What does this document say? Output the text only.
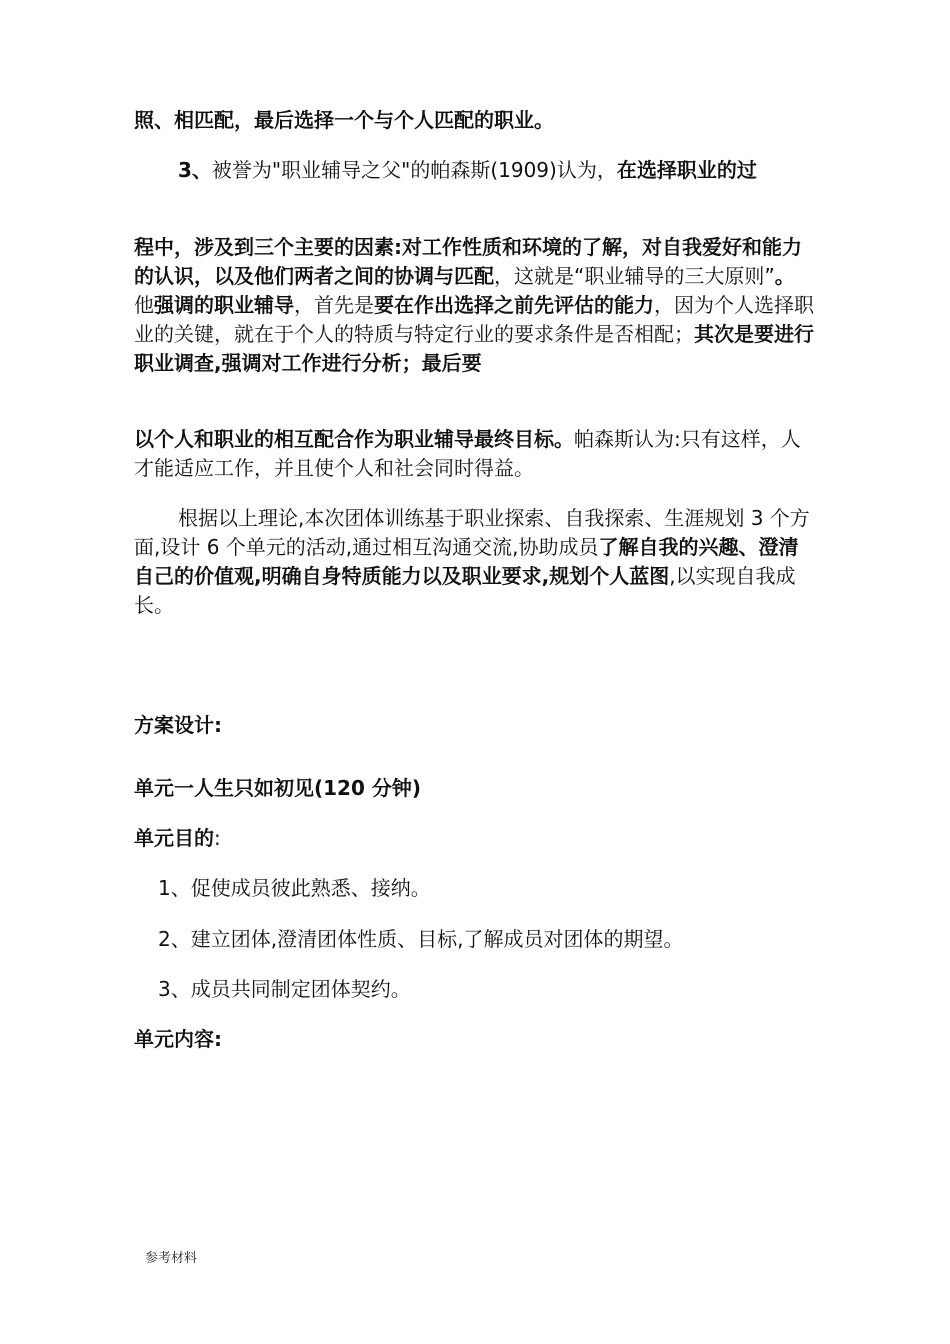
照、相匹配，最后选择一个与个人匹配的职业。
3、被誉为"职业辅导之父"的帕森斯(1909)认为，在选择职业的过
程中，涉及到三个主要的因素:对工作性质和环境的了解，对自我爱好和能力的认识，以及他们两者之间的协调与匹配，这就是“职业辅导的三大原则”。他强调的职业辅导，首先是要在作出选择之前先评估的能力，因为个人选择职业的关键，就在于个人的特质与特定行业的要求条件是否相配；其次是要进行职业调查,强调对工作进行分析；最后要
以个人和职业的相互配合作为职业辅导最终目标。帕森斯认为:只有这样，人才能适应工作，并且使个人和社会同时得益。
根据以上理论,本次团体训练基于职业探索、自我探索、生涯规划 3 个方面,设计 6 个单元的活动,通过相互沟通交流,协助成员了解自我的兴趣、澄清自己的价值观,明确自身特质能力以及职业要求,规划个人蓝图,以实现自我成长。
方案设计:
单元一人生只如初见(120 分钟)
单元目的:
1、促使成员彼此熟悉、接纳。
2、建立团体,澄清团体性质、目标,了解成员对团体的期望。
3、成员共同制定团体契约。
单元内容:
参考材料
